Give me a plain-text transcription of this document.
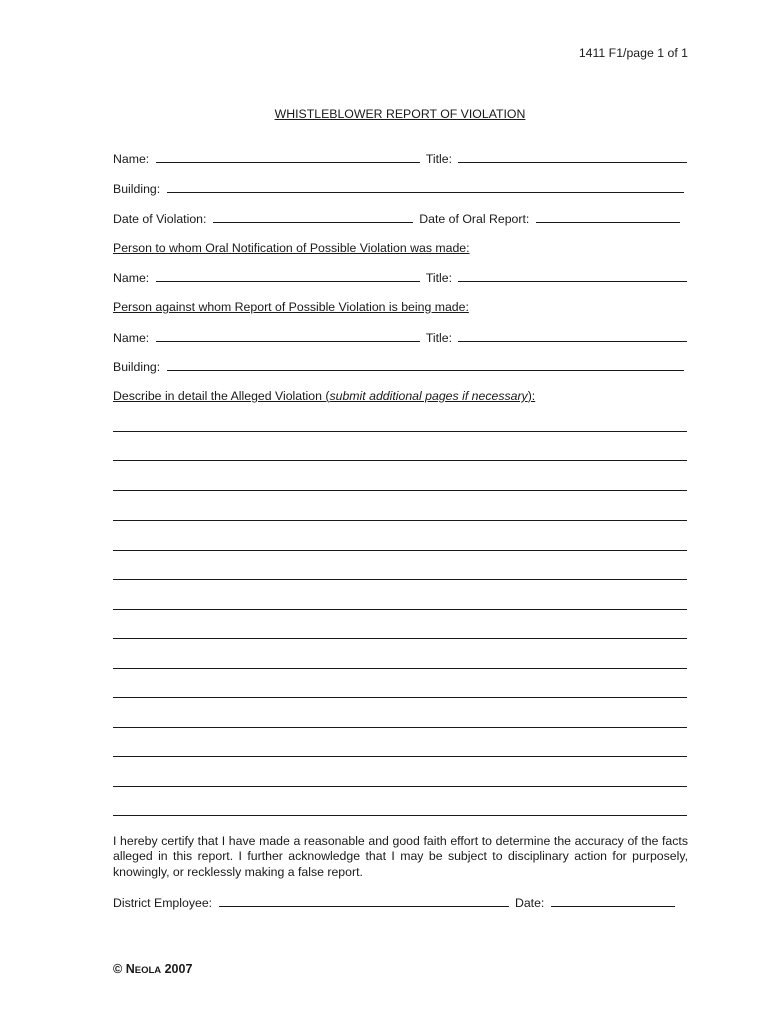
1411 F1/page 1 of 1
WHISTLEBLOWER REPORT OF VIOLATION
Name:	Title:
Building:
Date of Violation:	Date of Oral Report:
Person to whom Oral Notification of Possible Violation was made:
Name:	Title:
Person against whom Report of Possible Violation is being made:
Name:	Title:
Building:
Describe in detail the Alleged Violation (submit additional pages if necessary):
I hereby certify that I have made a reasonable and good faith effort to determine the accuracy of the facts alleged in this report. I further acknowledge that I may be subject to disciplinary action for purposely, knowingly, or recklessly making a false report.
District Employee:	Date:
© NEOLA 2007
